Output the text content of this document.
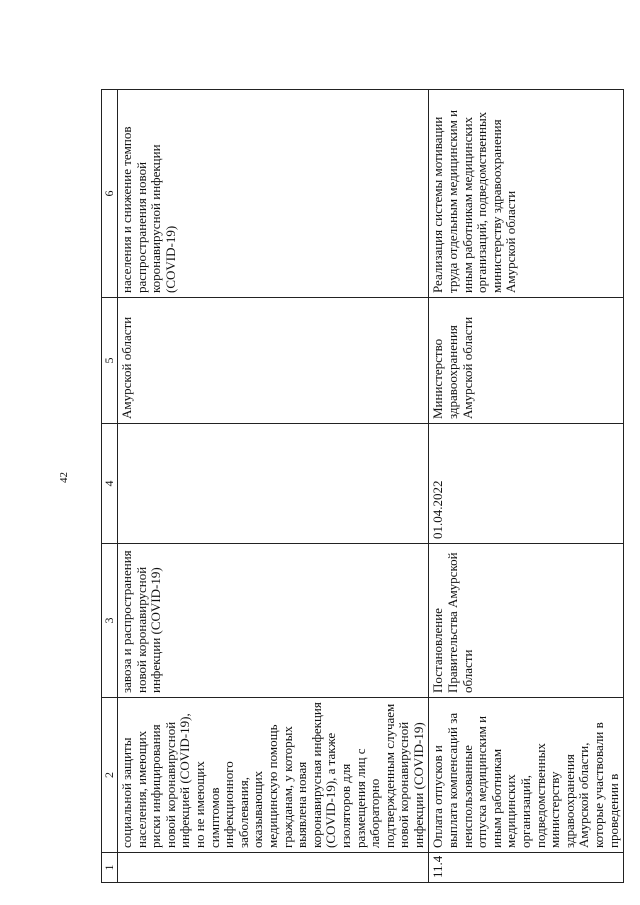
42
1	2	3	4	5	6
	социальной защиты населения, имеющих риски инфицирования новой коронавирусной инфекцией (COVID-19), но не имеющих симптомов инфекционного заболевания, оказывающих медицинскую помощь гражданам, у которых выявлена новая коронавирусная инфекция (COVID-19), а также изоляторов для размещения лиц с лабораторно подтвержденным случаем новой коронавирусной инфекции (COVID-19)	завоза и распространения новой коронавирусной инфекции (COVID-19)		Амурской области	населения и снижение темпов распространения новой коронавирусной инфекции (COVID-19)
11.4	Оплата отпусков и выплата компенсаций за неиспользованные отпуска медицинским и иным работникам медицинских организаций, подведомственных министерству здравоохранения Амурской области, которые участвовали в проведении в	Постановление Правительства Амурской области	01.04.2022	Министерство здравоохранения Амурской области	Реализация системы мотивации труда отдельным медицинским и иным работникам медицинских организаций, подведомственных министерству здравоохранения Амурской области
